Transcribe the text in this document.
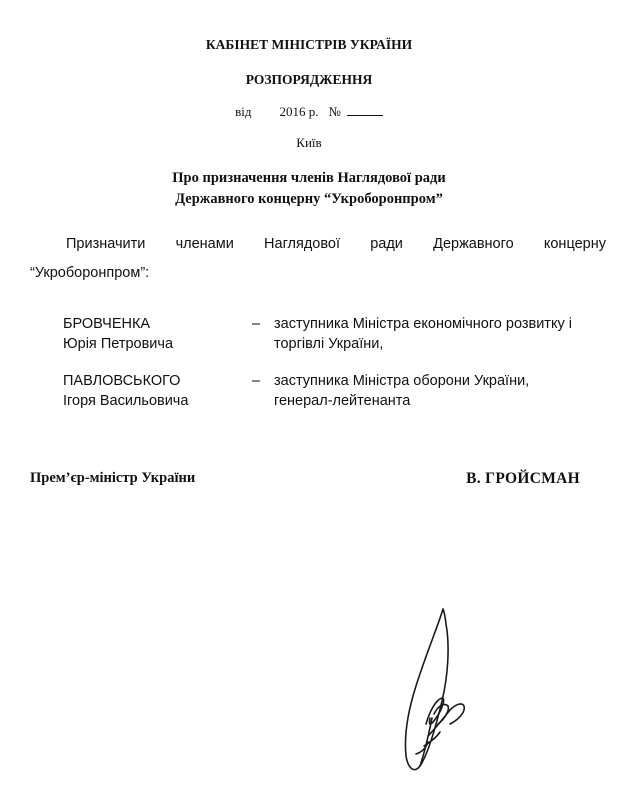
КАБІНЕТ МІНІСТРІВ УКРАЇНИ
РОЗПОРЯДЖЕННЯ
від 2016 р. №
Київ
Про призначення членів Наглядової ради
Державного концерну “Укроборонпром”
Призначити членами Наглядової ради Державного концерну
“Укроборонпром”:
БРОВЧЕНКА
Юрія Петровича
– заступника Міністра економічного розвитку і
торгівлі України,
ПАВЛОВСЬКОГО
Ігоря Васильовича
– заступника Міністра оборони України,
генерал-лейтенанта
Прем’єр-міністр України	В. ГРОЙСМАН
